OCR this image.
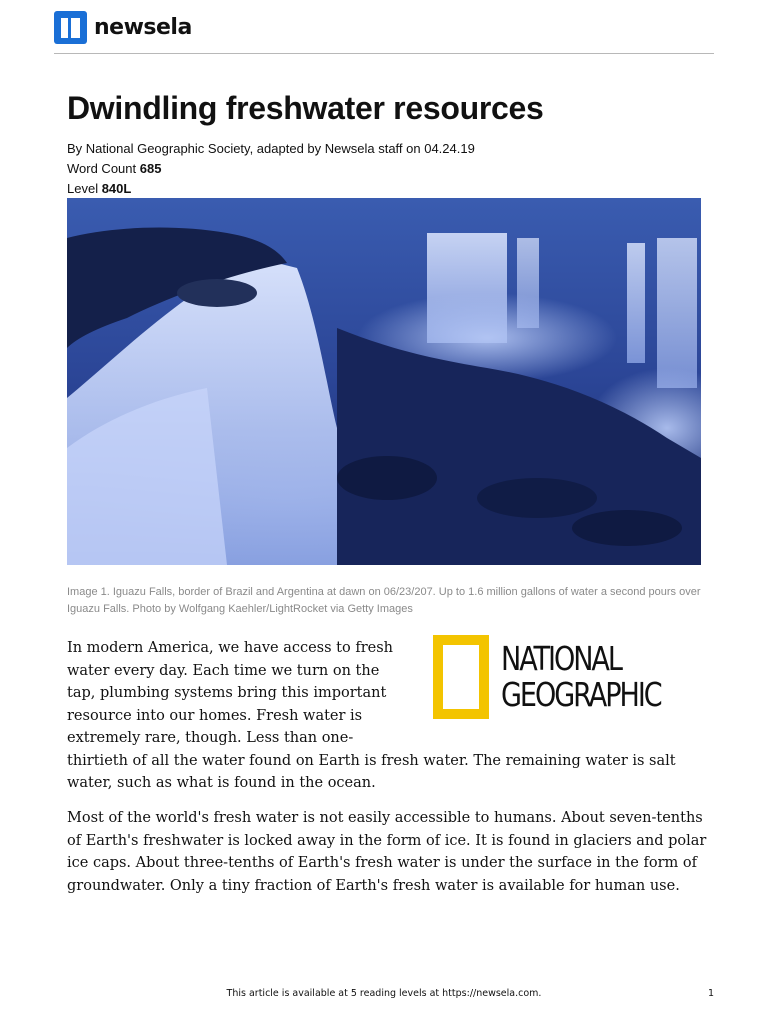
newsela
Dwindling freshwater resources
By National Geographic Society, adapted by Newsela staff on 04.24.19
Word Count 685
Level 840L
Image 1. Iguazu Falls, border of Brazil and Argentina at dawn on 06/23/207. Up to 1.6 million gallons of water a second pours over Iguazu Falls. Photo by Wolfgang Kaehler/LightRocket via Getty Images
NATIONAL
GEOGRAPHIC
In modern America, we have access to fresh water every day. Each time we turn on the tap, plumbing systems bring this important resource into our homes. Fresh water is extremely rare, though. Less than one-thirtieth of all the water found on Earth is fresh water. The remaining water is salt water, such as what is found in the ocean.
Most of the world's fresh water is not easily accessible to humans. About seven-tenths of Earth's freshwater is locked away in the form of ice. It is found in glaciers and polar ice caps. About three-tenths of Earth's fresh water is under the surface in the form of groundwater. Only a tiny fraction of Earth's fresh water is available for human use.
This article is available at 5 reading levels at https://newsela.com.	1
